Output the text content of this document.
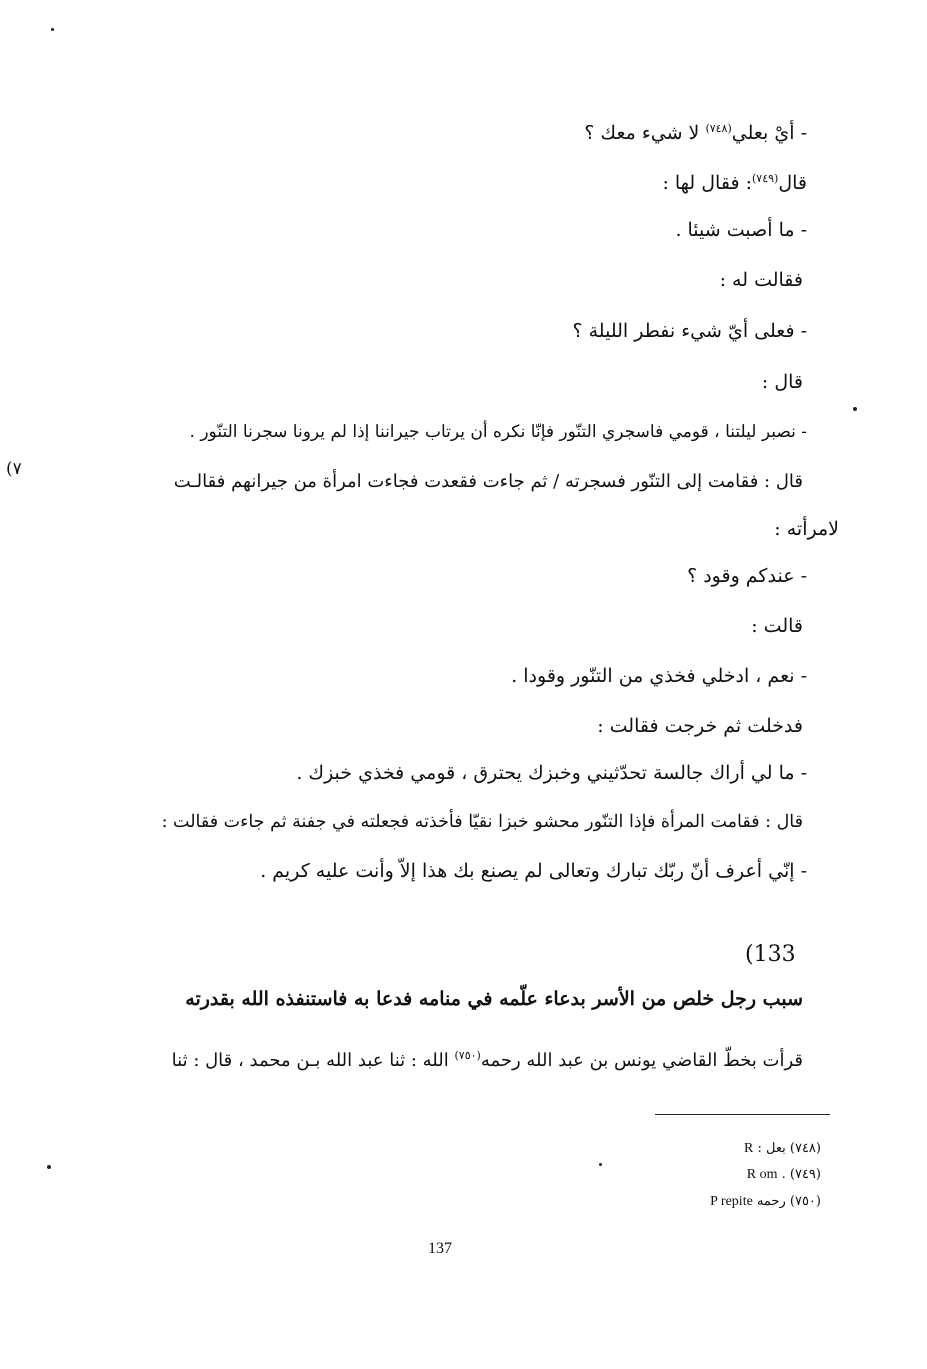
- أيْ بعلي$^{(٧٤٨)}$ لا شيء معك ؟

قال$^{(٧٤٩)}$: فقال لها :

- ما أصبت شيئا .

فقالت له :

- فعلى أيّ شيء نفطر الليلة ؟

قال :

- نصبر ليلتنا ، قومي فاسجري التنّور فإنّا نكره أن يرتاب جيراننا إذا لم يرونا سجرنا التنّور .

قال : فقامت إلى التنّور فسجرته / ثم جاءت فقعدت فجاءت امرأة من جيرانهم فقالـت

لامرأته :

- عندكم وقود ؟

قالت :

- نعم ، ادخلي فخذي من التنّور وقودا .

فدخلت ثم خرجت فقالت :

- ما لي أراك جالسة تحدّثيني وخبزك يحترق ، قومي فخذي خبزك .

قال : فقامت المرأة فإذا التنّور محشو خبزا نقيّا فأخذته فجعلته في جفنة ثم جاءت فقالت :

- إنّي أعرف أنّ ربّك تبارك وتعالى لم يصنع بك هذا إلاّ وأنت عليه كريم .

(٧
(133

سبب رجل خلص من الأسر بدعاء علّمه في منامه فدعا به فاستنفذه الله بقدرته

قرأت بخطّ القاضي يونس بن عبد الله رحمه$^{(٧٥٠)}$ الله : ثنا عبد الله بـن محمد ، قال : ثنا

(٧٤٨) بعل : R
(٧٤٩) . R om
(٧٥٠) رحمه P repite
137
